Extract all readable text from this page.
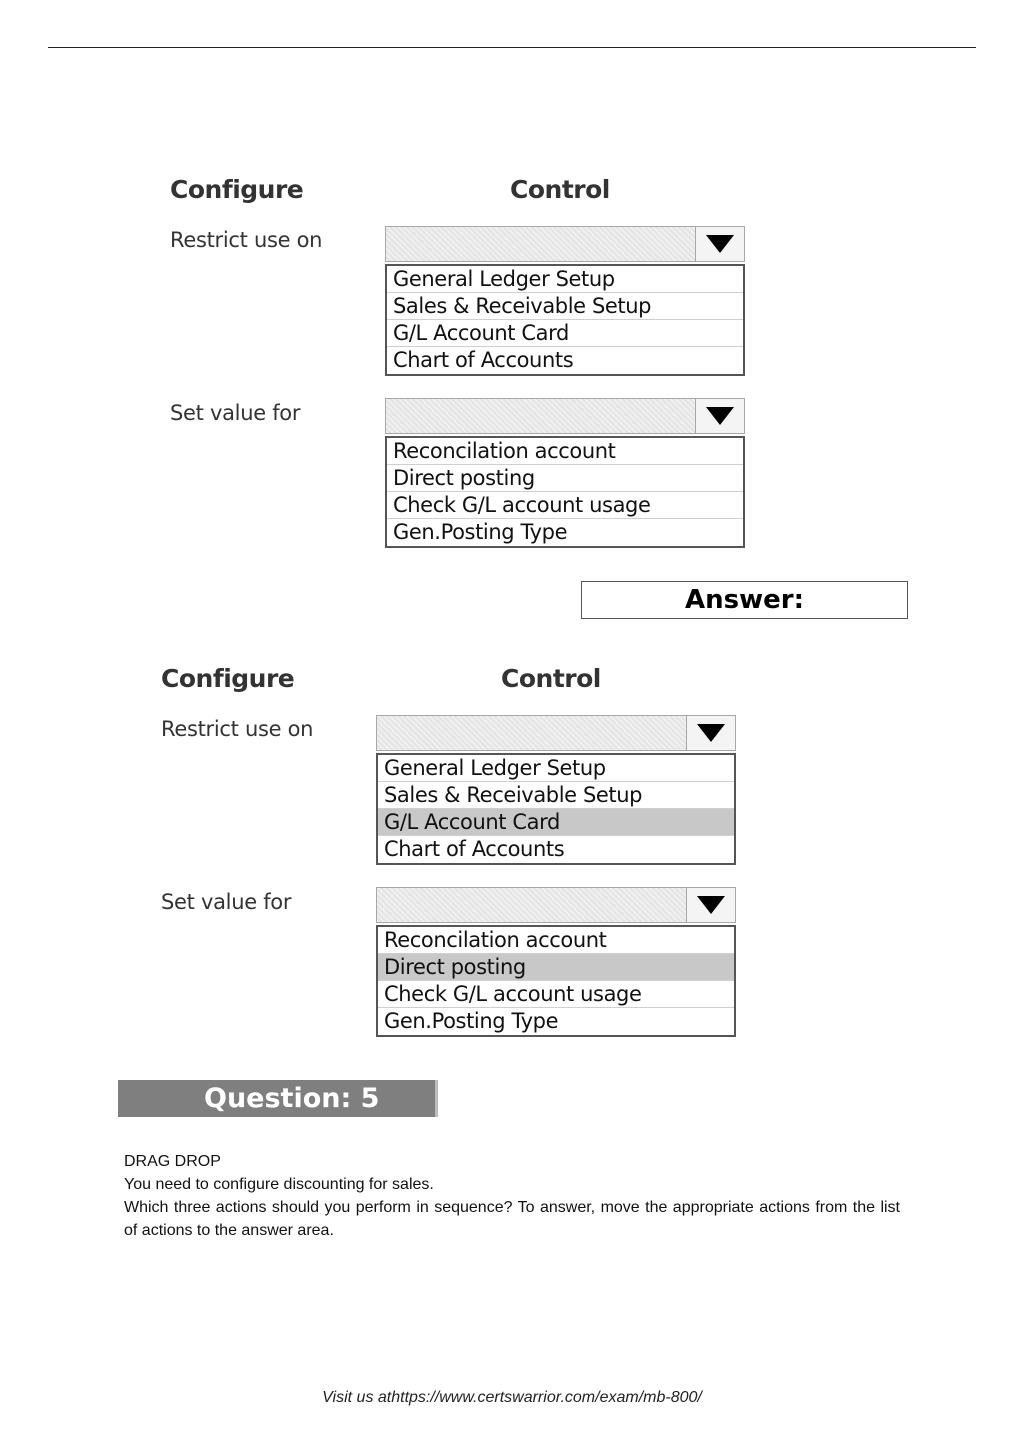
Configure	Control
Restrict use on
General Ledger Setup
Sales & Receivable Setup
G/L Account Card
Chart of Accounts
Set value for
Reconcilation account
Direct posting
Check G/L account usage
Gen.Posting Type
Answer:
Configure	Control
Restrict use on
General Ledger Setup
Sales & Receivable Setup
G/L Account Card
Chart of Accounts
Set value for
Reconcilation account
Direct posting
Check G/L account usage
Gen.Posting Type
Question: 5

DRAG DROP

You need to configure discounting for sales.

Which three actions should you perform in sequence? To answer, move the appropriate actions from the list of actions to the answer area.

Visit us athttps://www.certswarrior.com/exam/mb-800/
